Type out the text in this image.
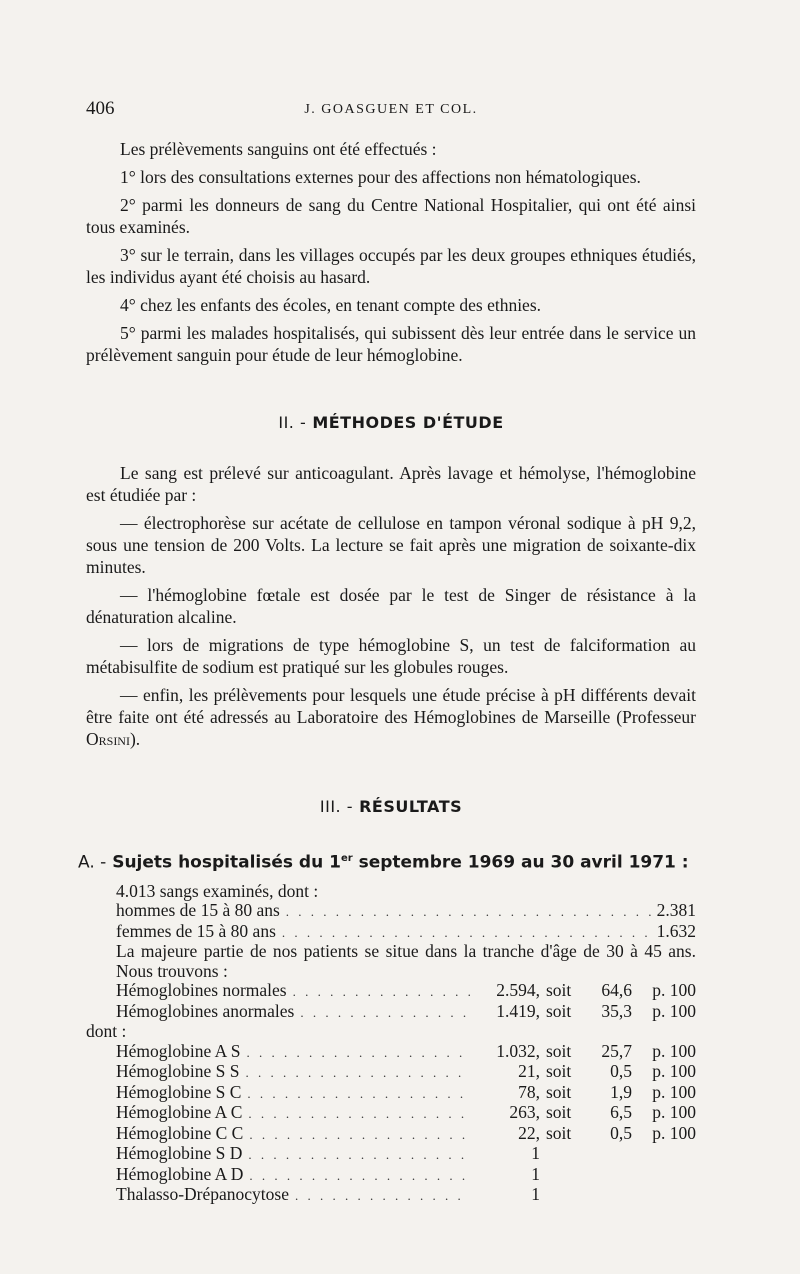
406	J. GOASGUEN ET COL.

Les prélèvements sanguins ont été effectués :

1° lors des consultations externes pour des affections non hématologiques.

2° parmi les donneurs de sang du Centre National Hospitalier, qui ont été ainsi tous examinés.

3° sur le terrain, dans les villages occupés par les deux groupes ethniques étudiés, les individus ayant été choisis au hasard.

4° chez les enfants des écoles, en tenant compte des ethnies.

5° parmi les malades hospitalisés, qui subissent dès leur entrée dans le service un prélèvement sanguin pour étude de leur hémoglobine.

II. - MÉTHODES D'ÉTUDE

Le sang est prélevé sur anticoagulant. Après lavage et hémolyse, l'hémoglobine est étudiée par :

— électrophorèse sur acétate de cellulose en tampon véronal sodique à pH 9,2, sous une tension de 200 Volts. La lecture se fait après une migration de soixante-dix minutes.

— l'hémoglobine fœtale est dosée par le test de Singer de résistance à la dénaturation alcaline.

— lors de migrations de type hémoglobine S, un test de falciformation au métabisulfite de sodium est pratiqué sur les globules rouges.

— enfin, les prélèvements pour lesquels une étude précise à pH différents devait être faite ont été adressés au Laboratoire des Hémoglobines de Marseille (Professeur Orsini).

III. - RÉSULTATS
A. - Sujets hospitalisés du 1er septembre 1969 au 30 avril 1971 :
4.013 sangs examinés, dont :
hommes de 15 à 80 ans . . .	2.381
femmes de 15 à 80 ans . . .	1.632

La majeure partie de nos patients se situe dans la tranche d'âge de 30 à 45 ans. Nous trouvons :

Hémoglobines normales . . .	2.594, soit 64,6 p. 100
Hémoglobines anormales . . .	1.419, soit 35,3 p. 100
dont :
Hémoglobine A S . . .	1.032, soit 25,7 p. 100
Hémoglobine S S . . .	21, soit 0,5 p. 100
Hémoglobine S C . . .	78, soit 1,9 p. 100
Hémoglobine A C . . .	263, soit 6,5 p. 100
Hémoglobine C C . . .	22, soit 0,5 p. 100
Hémoglobine S D . . .	1
Hémoglobine A D . . .	1
Thalasso-Drépanocytose . . .	1
